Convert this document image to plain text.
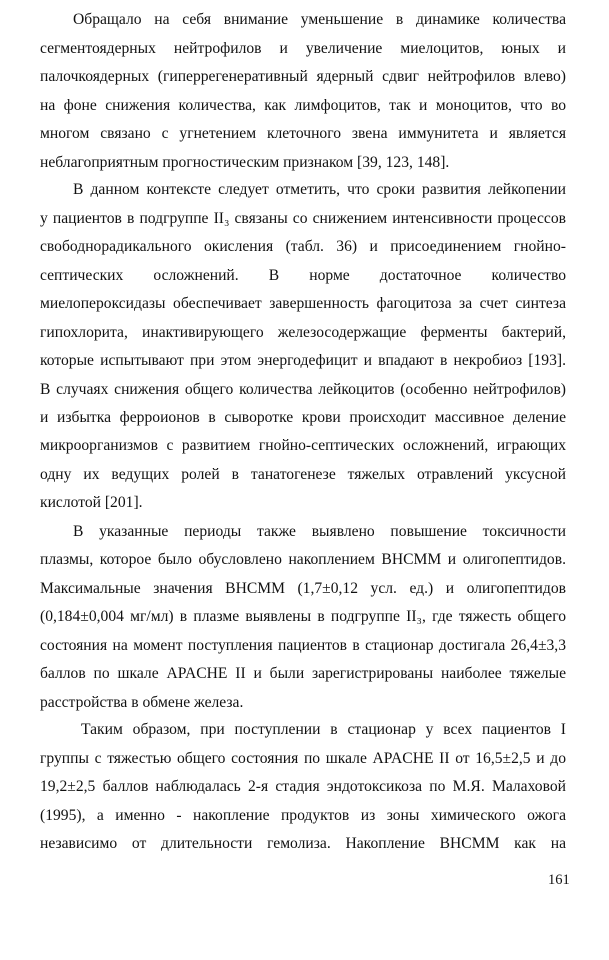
Обращало на себя внимание уменьшение в динамике количества
сегментоядерных нейтрофилов и увеличение миелоцитов, юных и
палочкоядерных (гиперрегенеративный ядерный сдвиг нейтрофилов влево)
на фоне снижения количества, как лимфоцитов, так и моноцитов, что во
многом связано с угнетением клеточного звена иммунитета и является
неблагоприятным прогностическим признаком [39, 123, 148].
В данном контексте следует отметить, что сроки развития лейкопении
у пациентов в подгруппе II₃ связаны со снижением интенсивности процессов
свободнорадикального окисления (табл. 36) и присоединением гнойно-
септических осложнений. В норме достаточное количество
миелопероксидазы обеспечивает завершенность фагоцитоза за счет синтеза
гипохлорита, инактивирующего железосодержащие ферменты бактерий,
которые испытывают при этом энергодефицит и впадают в некробиоз [193].
В случаях снижения общего количества лейкоцитов (особенно нейтрофилов)
и избытка ферроионов в сыворотке крови происходит массивное деление
микроорганизмов с развитием гнойно-септических осложнений, играющих
одну их ведущих ролей в танатогенезе тяжелых отравлений уксусной
кислотой [201].
В указанные периоды также выявлено повышение токсичности
плазмы, которое было обусловлено накоплением ВНСММ и олигопептидов.
Максимальные значения ВНСММ (1,7±0,12 усл. ед.) и олигопептидов
(0,184±0,004 мг/мл) в плазме выявлены в подгруппе II₃, где тяжесть общего
состояния на момент поступления пациентов в стационар достигала 26,4±3,3
баллов по шкале APACHE II и были зарегистрированы наиболее тяжелые
расстройства в обмене железа.
Таким образом, при поступлении в стационар у всех пациентов I
группы с тяжестью общего состояния по шкале APACHE II от 16,5±2,5 и до
19,2±2,5 баллов наблюдалась 2-я стадия эндотоксикоза по М.Я. Малаховой
(1995), а именно - накопление продуктов из зоны химического ожога
независимо от длительности гемолиза. Накопление ВНСММ как на
161
